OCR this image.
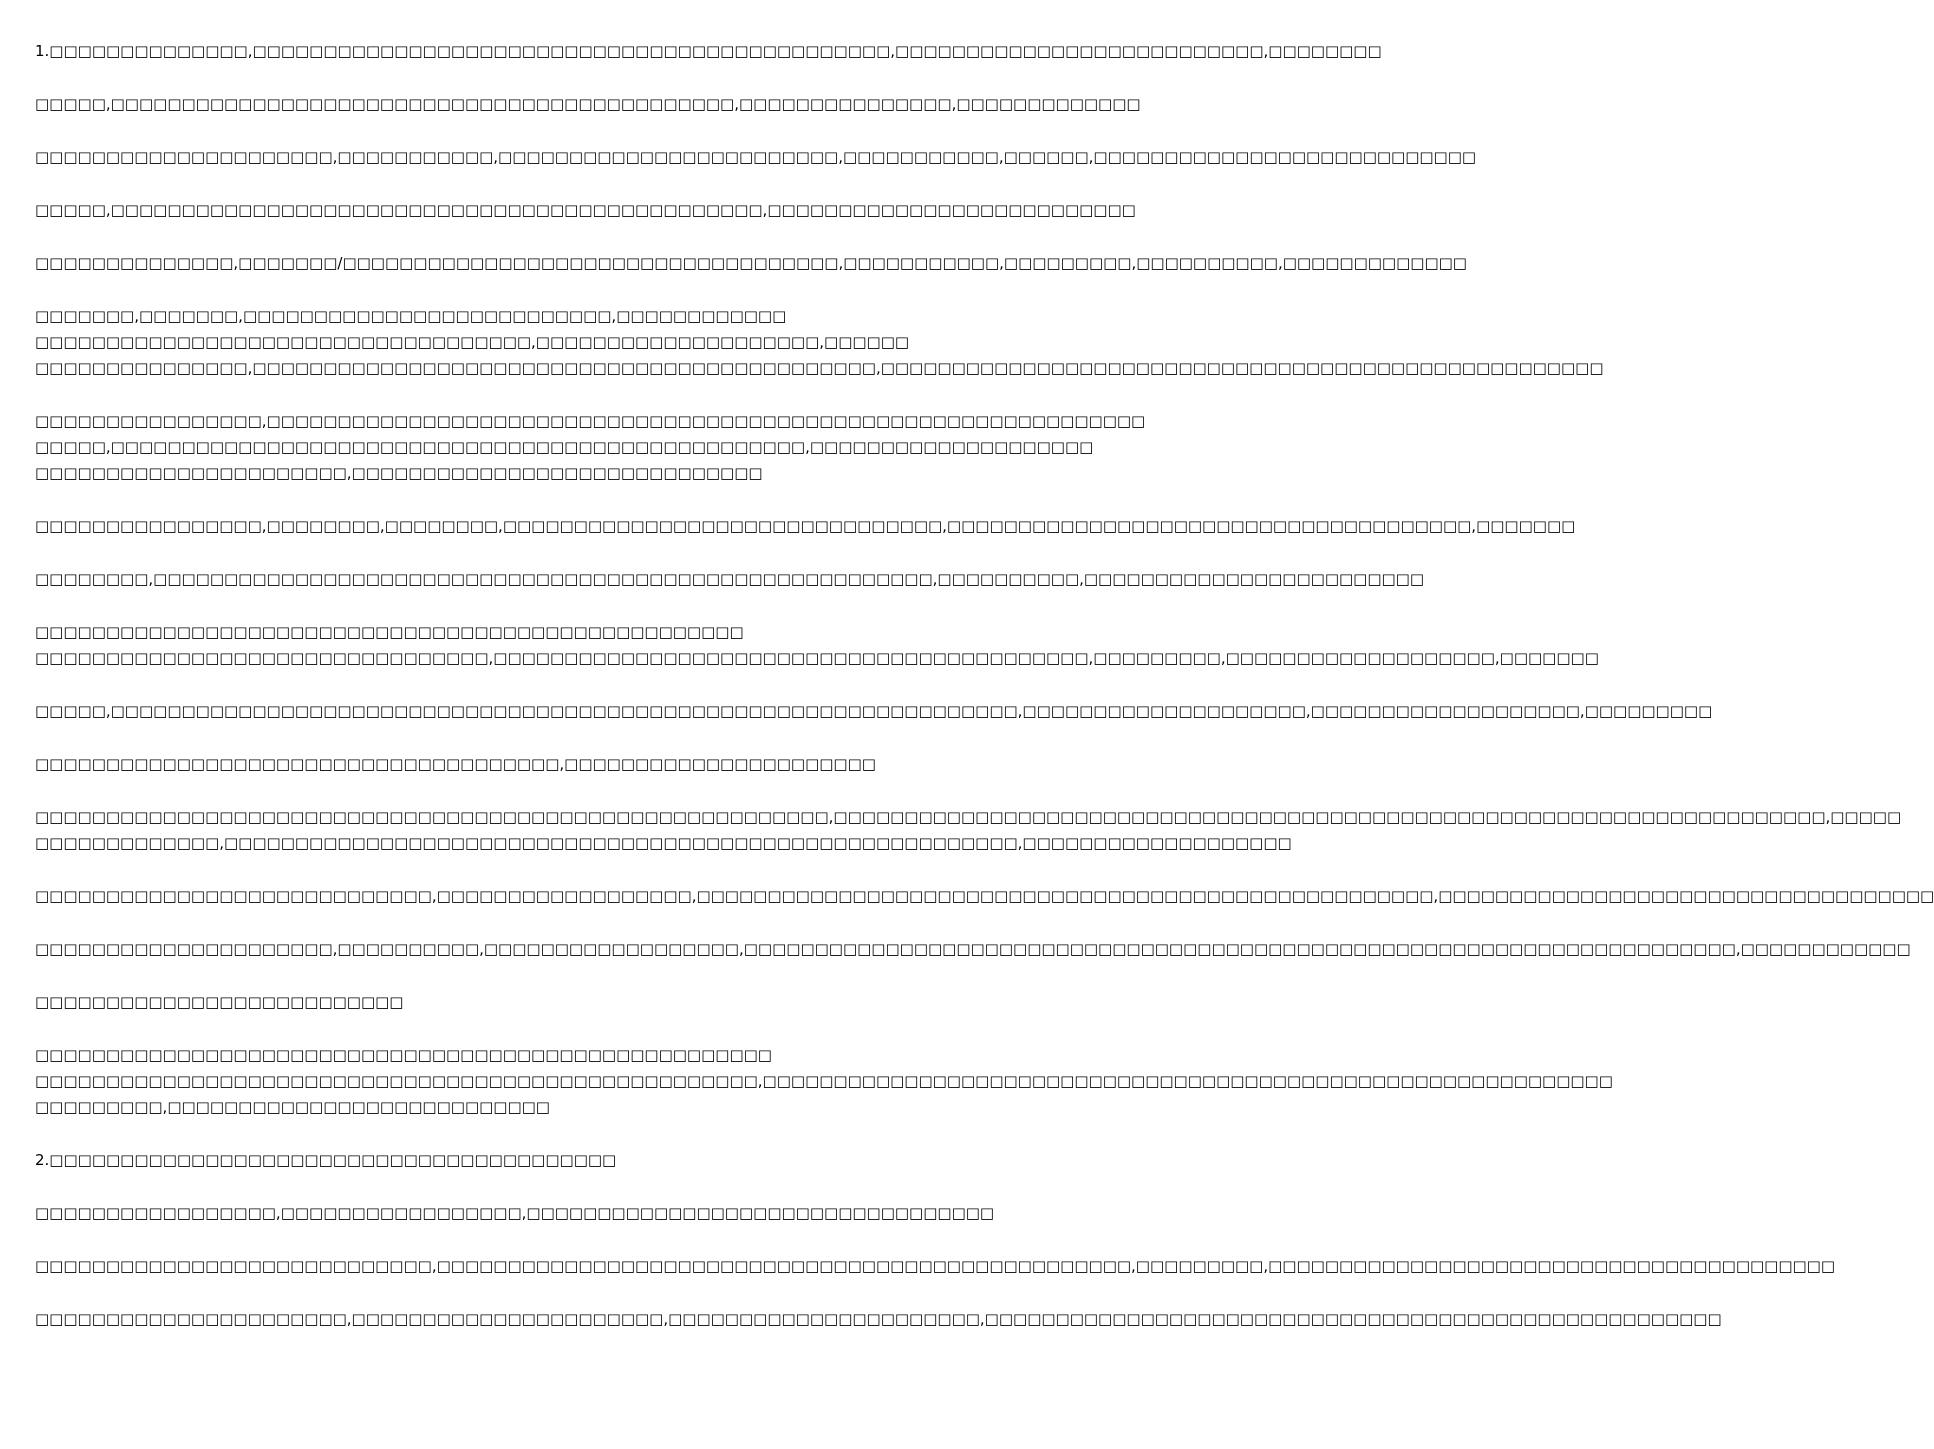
1.□□□□□□□□□□□□□□,□□□□□□□□□□□□□□□□□□□□□□□□□□□□□□□□□□□□□□□□□□□□□,□□□□□□□□□□□□□□□□□□□□□□□□□□,□□□□□□□□
□□□□□,□□□□□□□□□□□□□□□□□□□□□□□□□□□□□□□□□□□□□□□□□□□□,□□□□□□□□□□□□□□□,□□□□□□□□□□□□□
□□□□□□□□□□□□□□□□□□□□□,□□□□□□□□□□□,□□□□□□□□□□□□□□□□□□□□□□□□,□□□□□□□□□□□,□□□□□□,□□□□□□□□□□□□□□□□□□□□□□□□□□□
□□□□□,□□□□□□□□□□□□□□□□□□□□□□□□□□□□□□□□□□□□□□□□□□□□□□,□□□□□□□□□□□□□□□□□□□□□□□□□□
□□□□□□□□□□□□□□,□□□□□□□/□□□□□□□□□□□□□□□□□□□□□□□□□□□□□□□□□□□,□□□□□□□□□□□,□□□□□□□□□,□□□□□□□□□□,□□□□□□□□□□□□□
□□□□□□□,□□□□□□□,□□□□□□□□□□□□□□□□□□□□□□□□□□,□□□□□□□□□□□□
□□□□□□□□□□□□□□□□□□□□□□□□□□□□□□□□□□□,□□□□□□□□□□□□□□□□□□□□,□□□□□□
□□□□□□□□□□□□□□□,□□□□□□□□□□□□□□□□□□□□□□□□□□□□□□□□□□□□□□□□□□□□,□□□□□□□□□□□□□□□□□□□□□□□□□□□□□□□□□□□□□□□□□□□□□□□□□□□
□□□□□□□□□□□□□□□□,□□□□□□□□□□□□□□□□□□□□□□□□□□□□□□□□□□□□□□□□□□□□□□□□□□□□□□□□□□□□□□
□□□□□,□□□□□□□□□□□□□□□□□□□□□□□□□□□□□□□□□□□□□□□□□□□□□□□□□,□□□□□□□□□□□□□□□□□□□□
□□□□□□□□□□□□□□□□□□□□□□,□□□□□□□□□□□□□□□□□□□□□□□□□□□□□
□□□□□□□□□□□□□□□□,□□□□□□□□,□□□□□□□□,□□□□□□□□□□□□□□□□□□□□□□□□□□□□□□□,□□□□□□□□□□□□□□□□□□□□□□□□□□□□□□□□□□□□□,□□□□□□□
□□□□□□□□,□□□□□□□□□□□□□□□□□□□□□□□□□□□□□□□□□□□□□□□□□□□□□□□□□□□□□□□,□□□□□□□□□□,□□□□□□□□□□□□□□□□□□□□□□□□
□□□□□□□□□□□□□□□□□□□□□□□□□□□□□□□□□□□□□□□□□□□□□□□□□□
□□□□□□□□□□□□□□□□□□□□□□□□□□□□□□□□,□□□□□□□□□□□□□□□□□□□□□□□□□□□□□□□□□□□□□□□□□□,□□□□□□□□□,□□□□□□□□□□□□□□□□□□□,□□□□□□□
□□□□□,□□□□□□□□□□□□□□□□□□□□□□□□□□□□□□□□□□□□□□□□□□□□□□□□□□□□□□□□□□□□□□□□,□□□□□□□□□□□□□□□□□□□□,□□□□□□□□□□□□□□□□□□□,□□□□□□□□□
□□□□□□□□□□□□□□□□□□□□□□□□□□□□□□□□□□□□□,□□□□□□□□□□□□□□□□□□□□□□
□□□□□□□□□□□□□□□□□□□□□□□□□□□□□□□□□□□□□□□□□□□□□□□□□□□□□□□□,□□□□□□□□□□□□□□□□□□□□□□□□□□□□□□□□□□□□□□□□□□□□□□□□□□□□□□□□□□□□□□□□□□□□□□,□□□□□
□□□□□□□□□□□□□,□□□□□□□□□□□□□□□□□□□□□□□□□□□□□□□□□□□□□□□□□□□□□□□□□□□□□□□□,□□□□□□□□□□□□□□□□□□□
□□□□□□□□□□□□□□□□□□□□□□□□□□□□,□□□□□□□□□□□□□□□□□□,□□□□□□□□□□□□□□□□□□□□□□□□□□□□□□□□□□□□□□□□□□□□□□□□□□□□,□□□□□□□□□□□□□□□□□□□□□□□□□□□□□□□□□□□
□□□□□□□□□□□□□□□□□□□□□,□□□□□□□□□□,□□□□□□□□□□□□□□□□□□,□□□□□□□□□□□□□□□□□□□□□□□□□□□□□□□□□□□□□□□□□□□□□□□□□□□□□□□□□□□□□□□□□□□□□□,□□□□□□□□□□□□
□□□□□□□□□□□□□□□□□□□□□□□□□□
□□□□□□□□□□□□□□□□□□□□□□□□□□□□□□□□□□□□□□□□□□□□□□□□□□□□
□□□□□□□□□□□□□□□□□□□□□□□□□□□□□□□□□□□□□□□□□□□□□□□□□□□,□□□□□□□□□□□□□□□□□□□□□□□□□□□□□□□□□□□□□□□□□□□□□□□□□□□□□□□□□□□□
□□□□□□□□□,□□□□□□□□□□□□□□□□□□□□□□□□□□□
2.□□□□□□□□□□□□□□□□□□□□□□□□□□□□□□□□□□□□□□□□
□□□□□□□□□□□□□□□□□,□□□□□□□□□□□□□□□□□,□□□□□□□□□□□□□□□□□□□□□□□□□□□□□□□□□
□□□□□□□□□□□□□□□□□□□□□□□□□□□□,□□□□□□□□□□□□□□□□□□□□□□□□□□□□□□□□□□□□□□□□□□□□□□□□□,□□□□□□□□□,□□□□□□□□□□□□□□□□□□□□□□□□□□□□□□□□□□□□□□□□
□□□□□□□□□□□□□□□□□□□□□□,□□□□□□□□□□□□□□□□□□□□□□,□□□□□□□□□□□□□□□□□□□□□□,□□□□□□□□□□□□□□□□□□□□□□□□□□□□□□□□□□□□□□□□□□□□□□□□□□□□
